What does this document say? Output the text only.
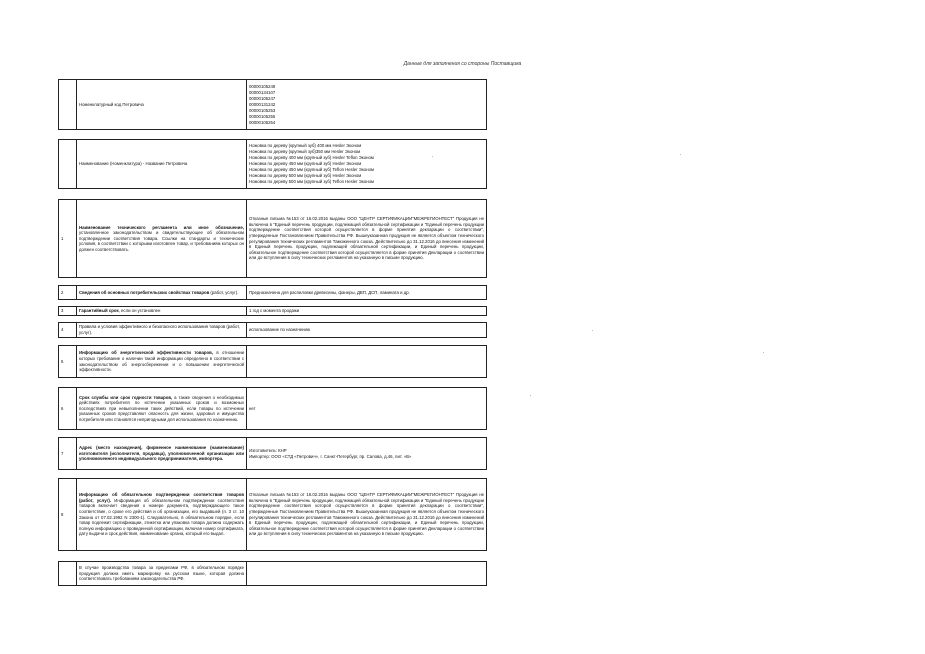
Данные для заполнения со стороны Поставщика
	Номенклатурный код Петровича	
00000105249
00000134107
00000105247
00000131242
00000105253
00000105255
00000105254
	Наименование (Номенклатура) - Название Петровича	
Ножовка по дереву (крупный зуб) 400 мм Hesler Эконом
Ножовка по дереву (крупный зуб)350 мм Hesler Эконом
Ножовка по дереву 400 мм (крупный зуб) Hesler Teflon Эконом
Ножовка по дереву 450 мм (крупный зуб) Hesler Эконом
Ножовка по дереву 450 мм (крупный зуб) Teflon Hesler Эконом
Ножовка по дереву 500 мм (крупный зуб) Hesler Эконом
Ножовка по дереву 500 мм (крупный зуб) Teflon Hesler Эконом
1	Наименование технического регламента или иное обозначение, установленное законодательством и свидетельствующее об обязательном подтверждении соответствия товара. Ссылки на стандарты и технические условия, в соответствии с которыми изготовлен товар, и требованиям которых он должен соответствовать.	Отказные письма №153 от 16.02.2016 выданы ООО "ЦЕНТР СЕРТИФИКАЦИИ"МЕЖРЕГИОНТЕСТ" Продукция не включена в "Единый перечень продукции, подлежащей обязательной сертификации и "Единый перечень продукции подтверждение соответствия которой осуществляется в форме принятия декларации о соответствии", утвержденные Постановлением Правительства РФ. Вышеуказанная продукция не является объектом технического регулирования технических регламентов Таможенного союза. Действительно до 31.12.2016 до внесения изменений в Единый перечень продукции, подлежащей обязательной сертификации, и Единый перечень продукции, обязательное подтверждение соответствия которой осуществляется в форме принятия Декларации о соответствии или до вступления в силу технических регламентов на указанную в письме продукцию.
2	Сведения об основных потребительских свойствах товаров (работ, услуг).	Предназначена для распиловки древесины, фанеры, ДВП, ДСП, ламината и др.
3	Гарантийный срок, если он установлен	1 год с момента продажи
4	Правила и условия эффективного и безопасного использования товаров (работ, услуг).	использование по назначению
5	Информацию об энергетической эффективности товаров, в отношении которых требование о наличии такой информации определено в соответствии с законодательством об энергосбережении и о повышении энергетической эффективности.	
6	Срок службы или срок годности товаров, а также сведения о необходимых действиях потребителя по истечении указанных сроков и возможных последствиях при невыполнении таких действий, если товары по истечении указанных сроков представляют опасность для жизни, здоровья и имущества потребителя или становятся непригодными для использования по назначению.	нет
7	Адрес (место нахождения), фирменное наименование (наименование) изготовителя (исполнителя, продавца), уполномоченной организации или уполномоченного индивидуального предпринимателя, импортера.	
Изготовитель: КНР
Импортер: ООО «СТД «Петрович», г. Санкт-Петербург, пр. Салова, д.46, лит. «В»
8	Информацию об обязательном подтверждении соответствия товаров (работ, услуг). Информация об обязательном подтверждении соответствия товаров включает сведения о номере документа, подтверждающего такое соответствие, о сроке его действия и об организации, его выдавшей (п. 3 ст. 10 Закона от 07.02.1992 N 2300-1). Следовательно, в обязательном порядке, если товар подлежит сертификации, этикетка или упаковка товара должна содержать полную информацию о проведенной сертификации, включая номер сертификата, дату выдачи и срок действия, наименование органа, который его выдал.	Отказные письма №153 от 16.02.2016 выданы ООО "ЦЕНТР СЕРТИФИКАЦИИ"МЕЖРЕГИОНТЕСТ" Продукция не включена в "Единый перечень продукции, подлежащей обязательной сертификации и "Единый перечень продукции подтверждение соответствия которой осуществляется в форме принятия декларации о соответствии", утвержденные Постановлением Правительства РФ. Вышеуказанная продукция не является объектом технического регулирования технических регламентов Таможенного союза. Действительно до 31.12.2016 до внесения изменений в Единый перечень продукции, подлежащей обязательной сертификации, и Единый перечень продукции, обязательное подтверждение соответствия которой осуществляется в форме принятия Декларации о соответствии или до вступления в силу технических регламентов на указанную в письме продукцию.
	В случае производства товара за пределами РФ, в обязательном порядке продукция должна иметь маркировку на русском языке, которая должна соответствовать требованиям законодательства РФ.	
